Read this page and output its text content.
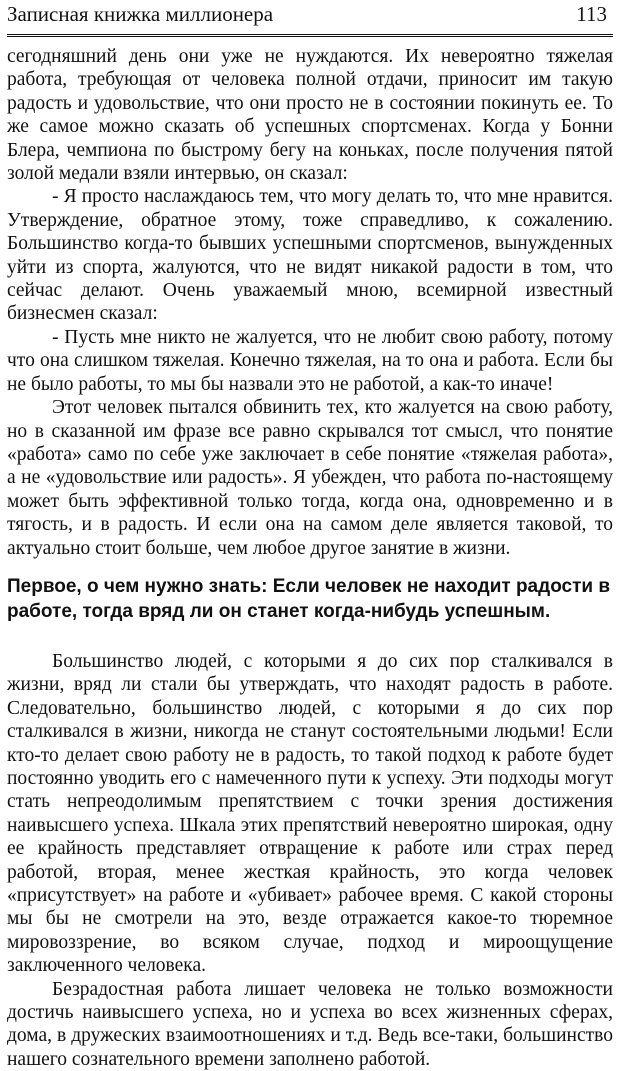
Записная книжка миллионера	113

сегодняшний день они уже не нуждаются. Их невероятно тяжелая работа, требующая от человека полной отдачи, приносит им такую радость и удовольствие, что они просто не в состоянии покинуть ее. То же самое можно сказать об успешных спортсменах. Когда у Бонни Блера, чемпиона по быстрому бегу на коньках, после получения пятой золой медали взяли интервью, он сказал:

- Я просто наслаждаюсь тем, что могу делать то, что мне нравится. Утверждение, обратное этому, тоже справедливо, к сожалению. Большинство когда-то бывших успешными спортсменов, вынужденных уйти из спорта, жалуются, что не видят никакой радости в том, что сейчас делают. Очень уважаемый мною, всемирной известный бизнесмен сказал:

- Пусть мне никто не жалуется, что не любит свою работу, потому что она слишком тяжелая. Конечно тяжелая, на то она и работа. Если бы не было работы, то мы бы назвали это не работой, а как-то иначе!

Этот человек пытался обвинить тех, кто жалуется на свою работу, но в сказанной им фразе все равно скрывался тот смысл, что понятие «работа» само по себе уже заключает в себе понятие «тяжелая работа», а не «удовольствие или радость». Я убежден, что работа по-настоящему может быть эффективной только тогда, когда она, одновременно и в тягость, и в радость. И если она на самом деле является таковой, то актуально стоит больше, чем любое другое занятие в жизни.

Первое, о чем нужно знать: Если человек не находит радости в работе, тогда вряд ли он станет когда-нибудь успешным.

Большинство людей, с которыми я до сих пор сталкивался в жизни, вряд ли стали бы утверждать, что находят радость в работе. Следовательно, большинство людей, с которыми я до сих пор сталкивался в жизни, никогда не станут состоятельными людьми! Если кто-то делает свою работу не в радость, то такой подход к работе будет постоянно уводить его с намеченного пути к успеху. Эти подходы могут стать непреодолимым препятствием с точки зрения достижения наивысшего успеха. Шкала этих препятствий невероятно широкая, одну ее крайность представляет отвращение к работе или страх перед работой, вторая, менее жесткая крайность, это когда человек «присутствует» на работе и «убивает» рабочее время. С какой стороны мы бы не смотрели на это, везде отражается какое-то тюремное мировоззрение, во всяком случае, подход и мироощущение заключенного человека.

Безрадостная работа лишает человека не только возможности достичь наивысшего успеха, но и успеха во всех жизненных сферах, дома, в дружеских взаимоотношениях и т.д. Ведь все-таки, большинство нашего сознательного времени заполнено работой.
